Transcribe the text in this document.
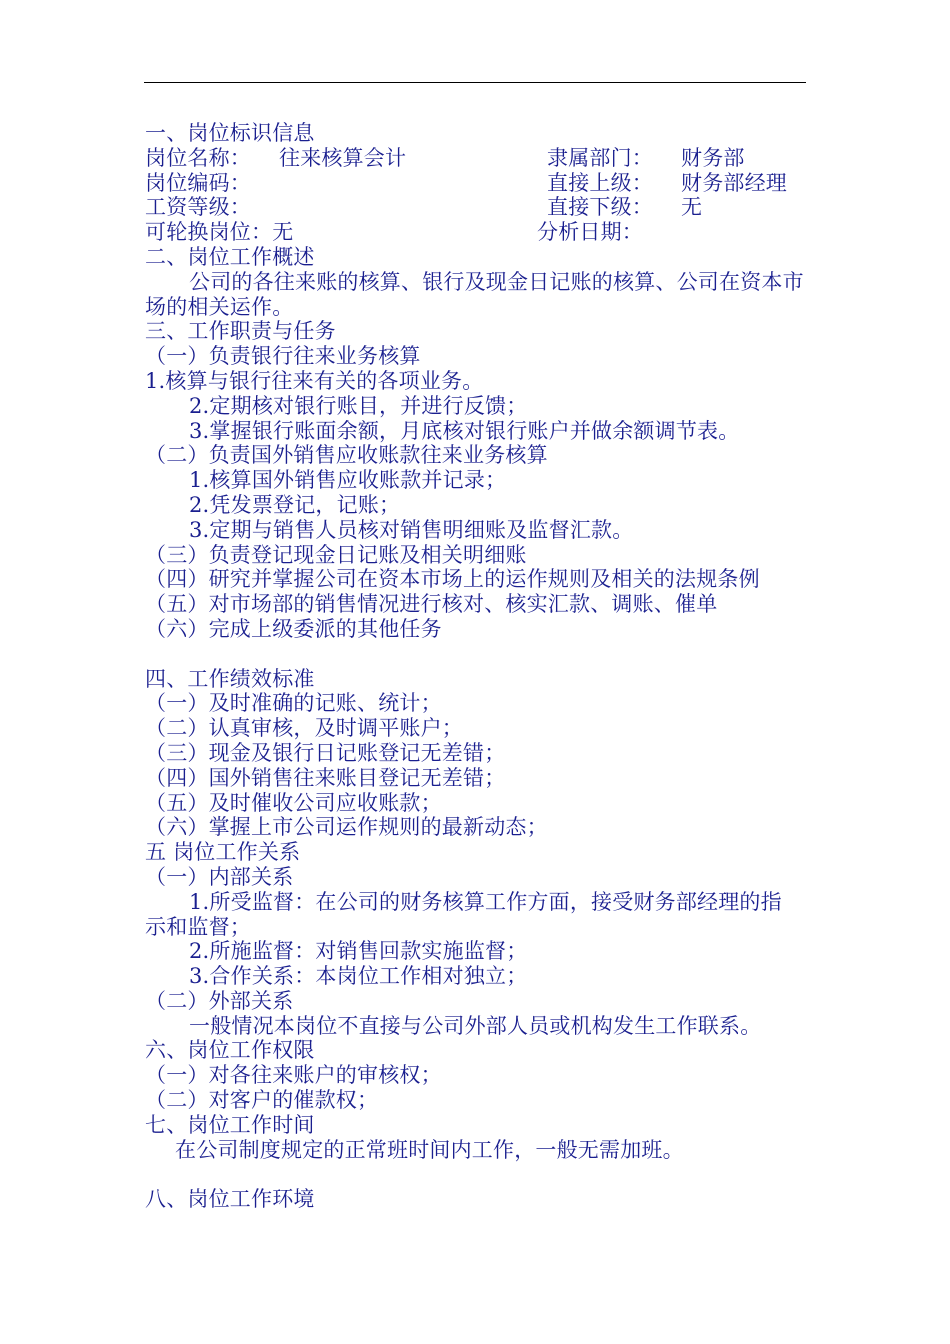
一、岗位标识信息
岗位名称： 往来核算会计	隶属部门： 财务部
岗位编码：	直接上级： 财务部经理
工资等级：	直接下级： 无
可轮换岗位：无	分析日期：
二、岗位工作概述
公司的各往来账的核算、银行及现金日记账的核算、公司在资本市场的相关运作。
三、工作职责与任务
（一）负责银行往来业务核算
1.核算与银行往来有关的各项业务。
2.定期核对银行账目，并进行反馈；
3.掌握银行账面余额，月底核对银行账户并做余额调节表。
（二）负责国外销售应收账款往来业务核算
1.核算国外销售应收账款并记录；
2.凭发票登记，记账；
3.定期与销售人员核对销售明细账及监督汇款。
（三）负责登记现金日记账及相关明细账
（四）研究并掌握公司在资本市场上的运作规则及相关的法规条例
（五）对市场部的销售情况进行核对、核实汇款、调账、催单
（六）完成上级委派的其他任务
四、工作绩效标准
（一）及时准确的记账、统计；
（二）认真审核，及时调平账户；
（三）现金及银行日记账登记无差错；
（四）国外销售往来账目登记无差错；
（五）及时催收公司应收账款；
（六）掌握上市公司运作规则的最新动态；
五 岗位工作关系
（一）内部关系
1.所受监督：在公司的财务核算工作方面，接受财务部经理的指
示和监督；
2.所施监督：对销售回款实施监督；
3.合作关系：本岗位工作相对独立；
（二）外部关系
一般情况本岗位不直接与公司外部人员或机构发生工作联系。
六、岗位工作权限
（一）对各往来账户的审核权；
（二）对客户的催款权；
七、岗位工作时间
在公司制度规定的正常班时间内工作，一般无需加班。
八、岗位工作环境
